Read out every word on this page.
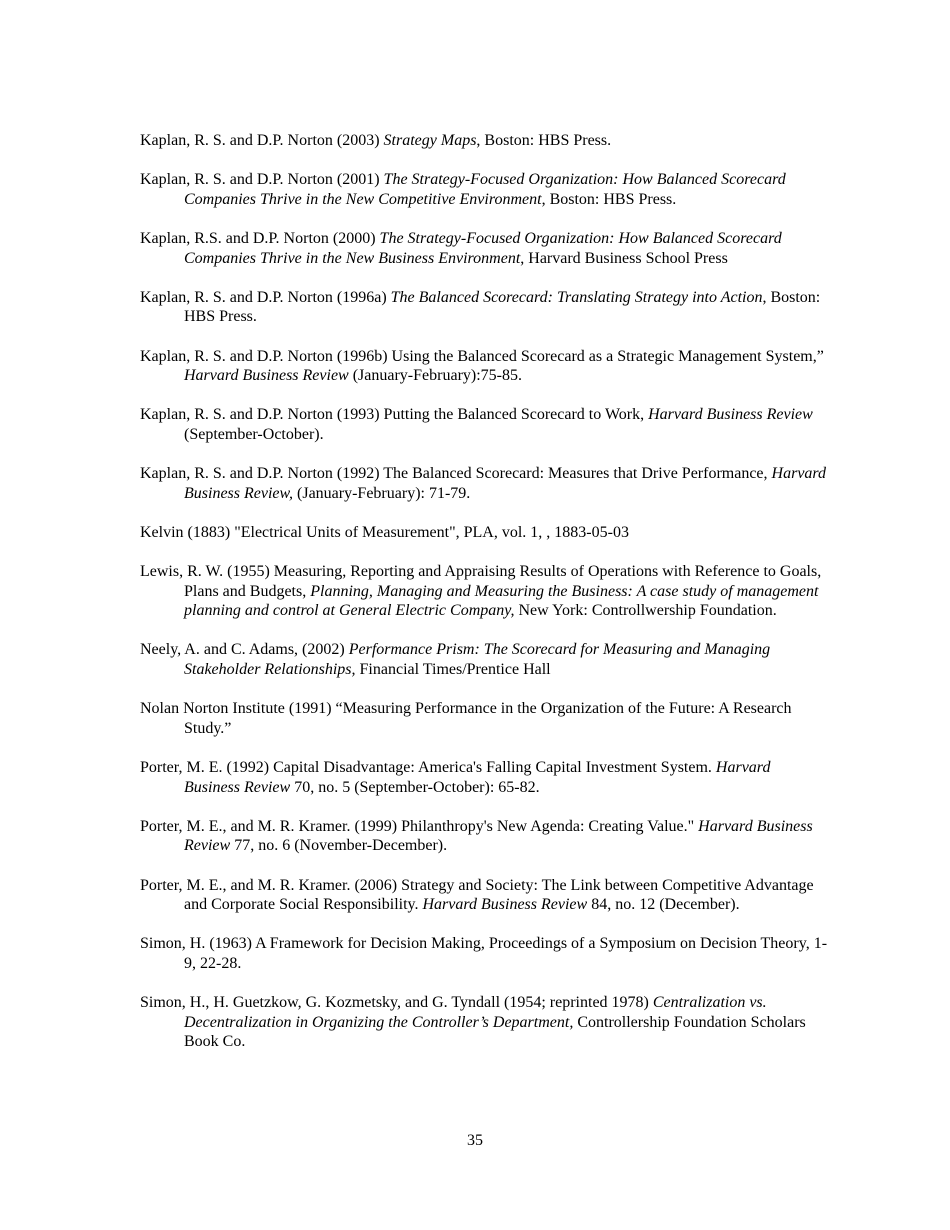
Kaplan, R. S. and D.P. Norton (2003) Strategy Maps, Boston: HBS Press.

Kaplan, R. S. and D.P. Norton (2001) The Strategy-Focused Organization: How Balanced Scorecard Companies Thrive in the New Competitive Environment, Boston: HBS Press.

Kaplan, R.S. and D.P. Norton (2000) The Strategy-Focused Organization: How Balanced Scorecard Companies Thrive in the New Business Environment, Harvard Business School Press

Kaplan, R. S. and D.P. Norton (1996a) The Balanced Scorecard: Translating Strategy into Action, Boston: HBS Press.

Kaplan, R. S. and D.P. Norton (1996b) Using the Balanced Scorecard as a Strategic Management System,” Harvard Business Review (January-February):75-85.

Kaplan, R. S. and D.P. Norton (1993) Putting the Balanced Scorecard to Work, Harvard Business Review (September-October).

Kaplan, R. S. and D.P. Norton (1992) The Balanced Scorecard: Measures that Drive Performance, Harvard Business Review, (January-February): 71-79.

Kelvin (1883) "Electrical Units of Measurement", PLA, vol. 1, , 1883-05-03

Lewis, R. W. (1955) Measuring, Reporting and Appraising Results of Operations with Reference to Goals, Plans and Budgets, Planning, Managing and Measuring the Business: A case study of management planning and control at General Electric Company, New York: Controllwership Foundation.

Neely, A. and C. Adams, (2002) Performance Prism: The Scorecard for Measuring and Managing Stakeholder Relationships, Financial Times/Prentice Hall

Nolan Norton Institute (1991) “Measuring Performance in the Organization of the Future: A Research Study.”

Porter, M. E. (1992) Capital Disadvantage: America's Falling Capital Investment System. Harvard Business Review 70, no. 5 (September-October): 65-82.

Porter, M. E., and M. R. Kramer. (1999) Philanthropy's New Agenda: Creating Value." Harvard Business Review 77, no. 6 (November-December).

Porter, M. E., and M. R. Kramer. (2006) Strategy and Society: The Link between Competitive Advantage and Corporate Social Responsibility. Harvard Business Review 84, no. 12 (December).

Simon, H. (1963) A Framework for Decision Making, Proceedings of a Symposium on Decision Theory, 1-9, 22-28.

Simon, H., H. Guetzkow, G. Kozmetsky, and G. Tyndall (1954; reprinted 1978) Centralization vs. Decentralization in Organizing the Controller’s Department, Controllership Foundation Scholars Book Co.

35
